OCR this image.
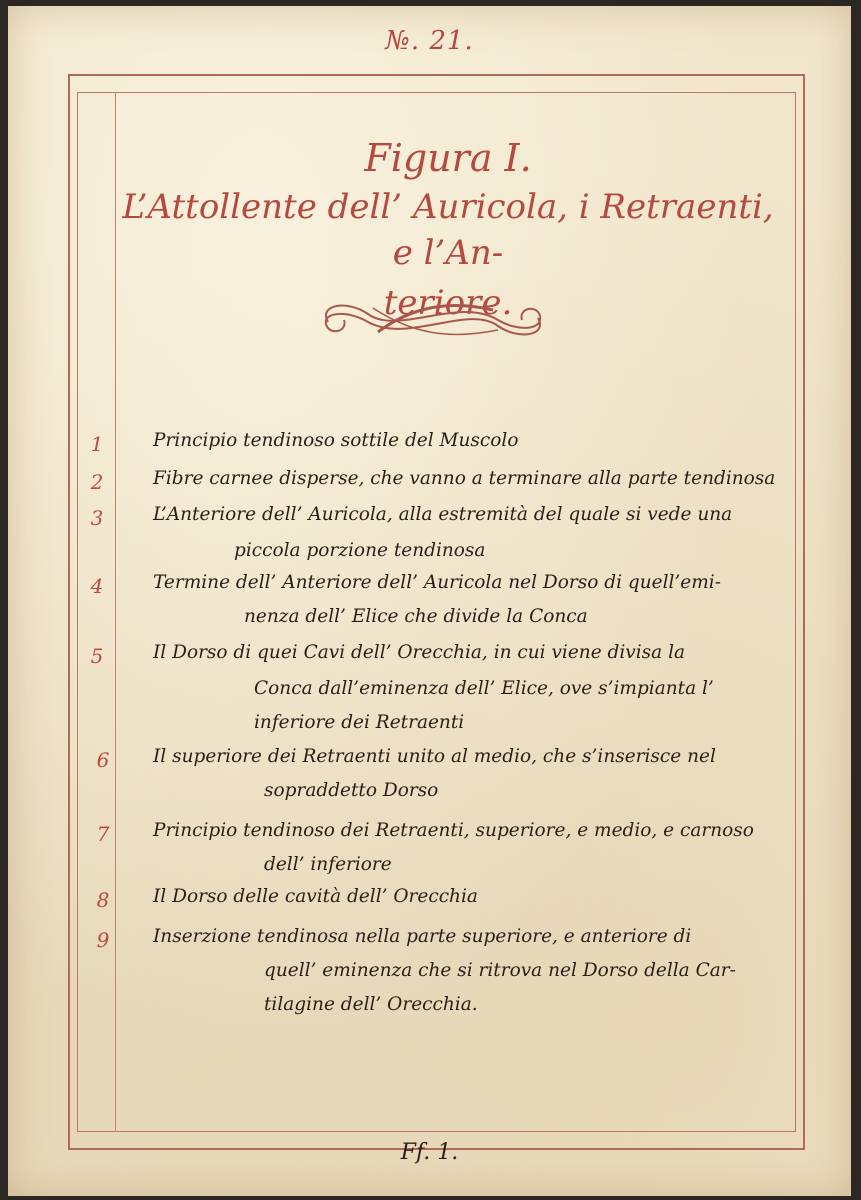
№. 21.
Figura I.
L’Attollente dell’ Auricola, i Retraenti, e l’An-
teriore.
1	Principio tendinoso sottile del Muscolo
2	Fibre carnee disperse, che vanno a terminare alla parte tendinosa
3	L’Anteriore dell’ Auricola, alla estremità del quale si vede una
piccola porzione tendinosa
4	Termine dell’ Anteriore dell’ Auricola nel Dorso di quell’emi-
nenza dell’ Elice che divide la Conca
5	Il Dorso di quei Cavi dell’ Orecchia, in cui viene divisa la
Conca dall’eminenza dell’ Elice, ove s’impianta l’
inferiore dei Retraenti
6	Il superiore dei Retraenti unito al medio, che s’inserisce nel
sopraddetto Dorso
7	Principio tendinoso dei Retraenti, superiore, e medio, e carnoso
dell’ inferiore
8	Il Dorso delle cavità dell’ Orecchia
9	Inserzione tendinosa nella parte superiore, e anteriore di
quell’ eminenza che si ritrova nel Dorso della Car-
tilagine dell’ Orecchia.
Ff. 1.
